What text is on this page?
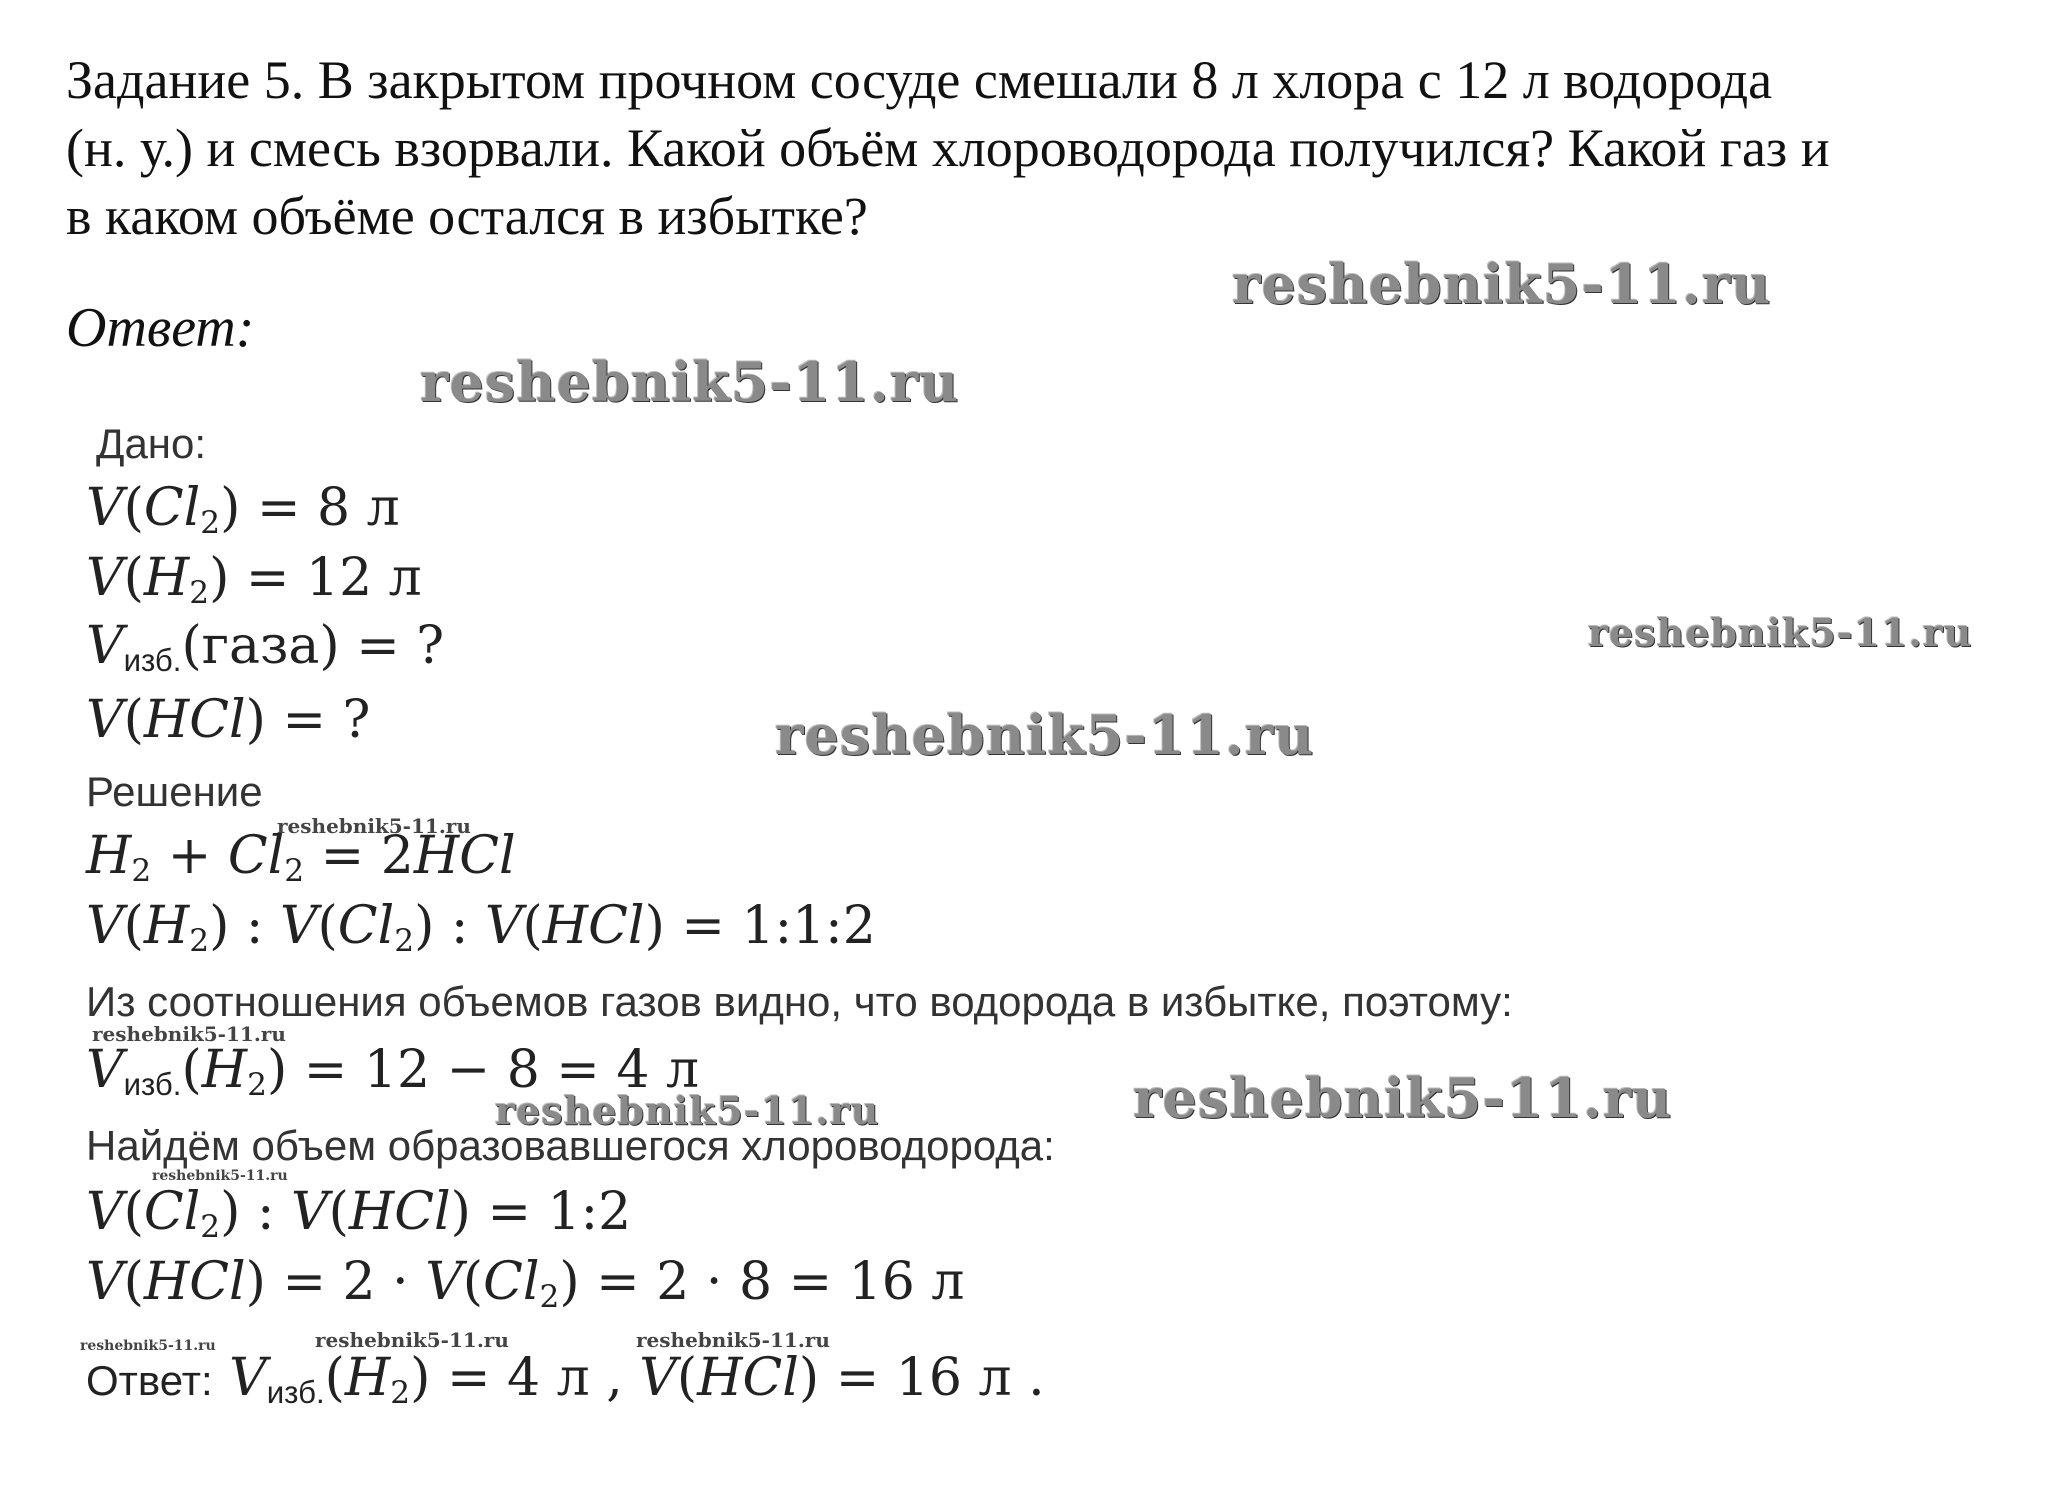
Задание 5. В закрытом прочном сосуде смешали 8 л хлора с 12 л водорода
(н. у.) и смесь взорвали. Какой объём хлороводорода получился? Какой газ и
в каком объёме остался в избытке?
Ответ:
reshebnik5-11.ru
reshebnik5-11.ru
reshebnik5-11.ru
reshebnik5-11.ru
reshebnik5-11.ru
reshebnik5-11.ru
reshebnik5-11.ru	reshebnik5-11.ru
reshebnik5-11.ru
reshebnik5-11.ru	reshebnik5-11.ru	reshebnik5-11.ru
Дано:
$V(Cl_2) = 8$ л
$V(H_2) = 12$ л
$V_{изб.}(газа)$ = ?
V(HCl) = ?
Решение
$H_2 + Cl_2 = 2HCl$
$V(H_2)$ : $V(Cl_2)$ : V(HCl) = 1:1:2
Из соотношения объемов газов видно, что водорода в избытке, поэтому:
$V_{изб.}(H_2) = 12 - 8 = 4$ л
Найдём объем образовавшегося хлороводорода:
$V(Cl_2)$ : V(HCl) = 1:2
$V(HCl) = 2 \cdot V(Cl_2) = 2 \cdot 8 = 16$ л
Ответ: $V_{изб.}(H_2) = 4$ л , V(HCl) = 16 л .
